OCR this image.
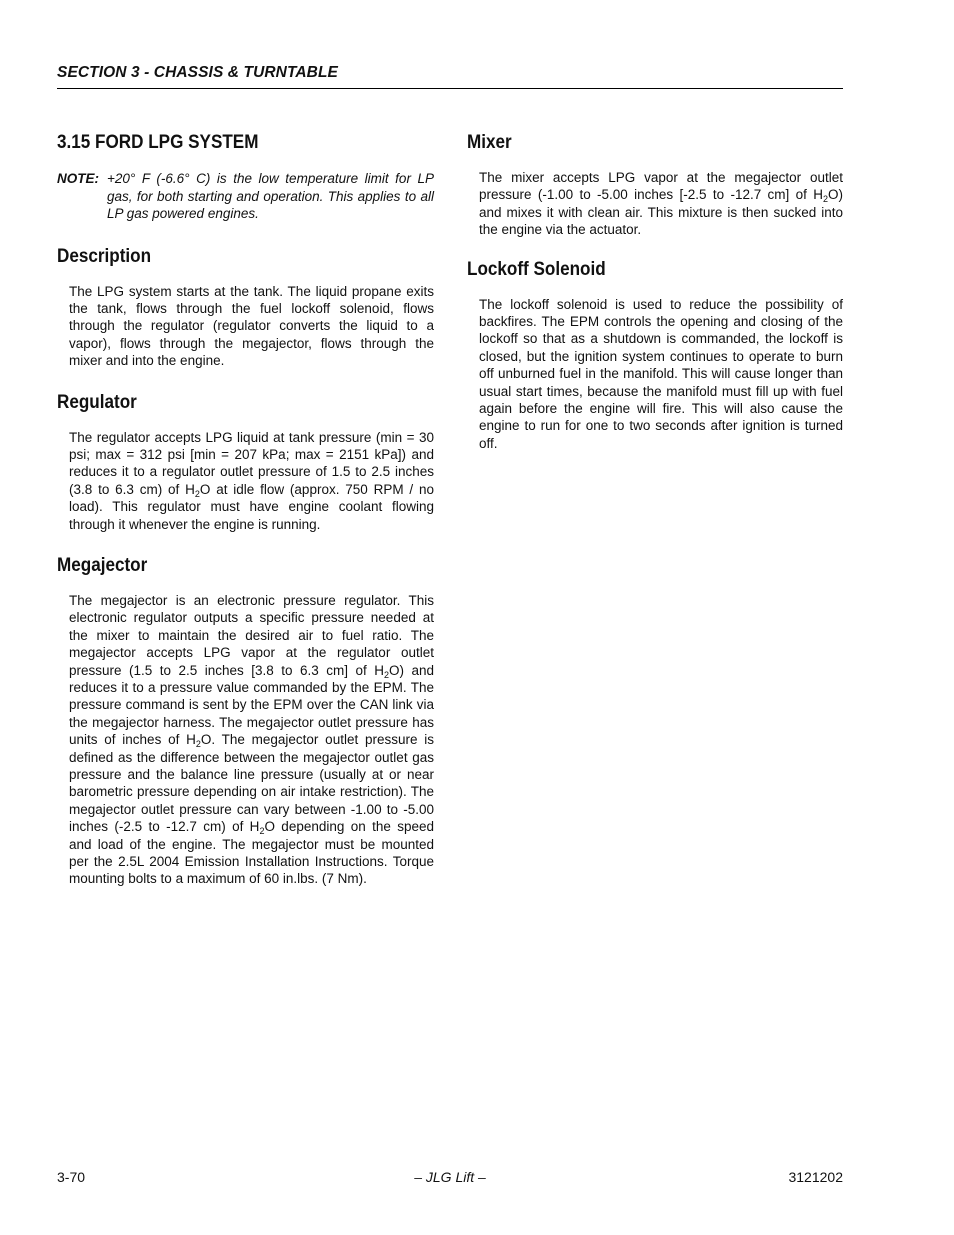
SECTION 3 - CHASSIS & TURNTABLE
3.15 FORD LPG SYSTEM
NOTE: +20° F (-6.6° C) is the low temperature limit for LP gas, for both starting and operation. This applies to all LP gas powered engines.
Description

The LPG system starts at the tank. The liquid propane exits the tank, flows through the fuel lockoff solenoid, flows through the regulator (regulator converts the liquid to a vapor), flows through the megajector, flows through the mixer and into the engine.

Regulator

The regulator accepts LPG liquid at tank pressure (min = 30 psi; max = 312 psi [min = 207 kPa; max = 2151 kPa]) and reduces it to a regulator outlet pressure of 1.5 to 2.5 inches (3.8 to 6.3 cm) of $H_2O$ at idle flow (approx. 750 RPM / no load). This regulator must have engine coolant flowing through it whenever the engine is running.

Megajector

The megajector is an electronic pressure regulator. This electronic regulator outputs a specific pressure needed at the mixer to maintain the desired air to fuel ratio. The megajector accepts LPG vapor at the regulator outlet pressure (1.5 to 2.5 inches [3.8 to 6.3 cm] of $H_2O$) and reduces it to a pressure value commanded by the EPM. The pressure command is sent by the EPM over the CAN link via the megajector harness. The megajector outlet pressure has units of inches of $H_2O$. The megajector outlet pressure is defined as the difference between the megajector outlet gas pressure and the balance line pressure (usually at or near barometric pressure depending on air intake restriction). The megajector outlet pressure can vary between -1.00 to -5.00 inches (-2.5 to -12.7 cm) of $H_2O$ depending on the speed and load of the engine. The megajector must be mounted per the 2.5L 2004 Emission Installation Instructions. Torque mounting bolts to a maximum of 60 in.lbs. (7 Nm).

Mixer

The mixer accepts LPG vapor at the megajector outlet pressure (-1.00 to -5.00 inches [-2.5 to -12.7 cm] of $H_2O$) and mixes it with clean air. This mixture is then sucked into the engine via the actuator.

Lockoff Solenoid

The lockoff solenoid is used to reduce the possibility of backfires. The EPM controls the opening and closing of the lockoff so that as a shutdown is commanded, the lockoff is closed, but the ignition system continues to operate to burn off unburned fuel in the manifold. This will cause longer than usual start times, because the manifold must fill up with fuel again before the engine will fire. This will also cause the engine to run for one to two seconds after ignition is turned off.

3-70	– JLG Lift –	3121202
